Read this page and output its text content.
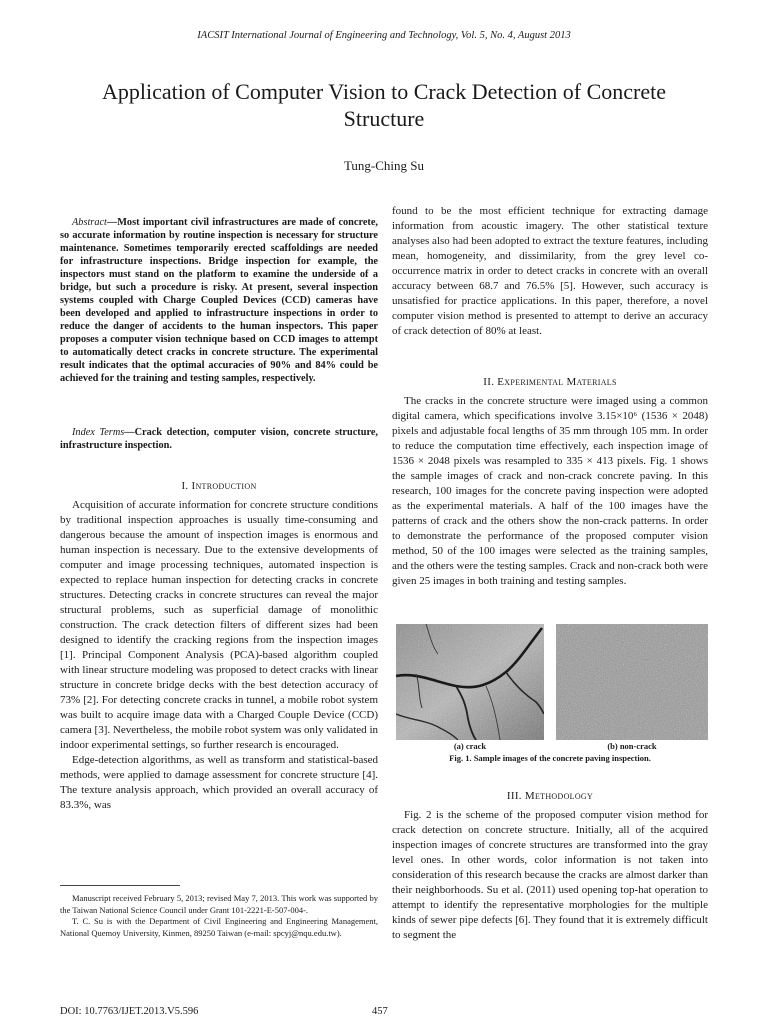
IACSIT International Journal of Engineering and Technology, Vol. 5, No. 4, August 2013
Application of Computer Vision to Crack Detection of Concrete Structure
Tung-Ching Su
Abstract—Most important civil infrastructures are made of concrete, so accurate information by routine inspection is necessary for structure maintenance. Sometimes temporarily erected scaffoldings are needed for infrastructure inspections. Bridge inspection for example, the inspectors must stand on the platform to examine the underside of a bridge, but such a procedure is risky. At present, several inspection systems coupled with Charge Coupled Devices (CCD) cameras have been developed and applied to infrastructure inspections in order to reduce the danger of accidents to the human inspectors. This paper proposes a computer vision technique based on CCD images to attempt to automatically detect cracks in concrete structure. The experimental result indicates that the optimal accuracies of 90% and 84% could be achieved for the training and testing samples, respectively.
Index Terms—Crack detection, computer vision, concrete structure, infrastructure inspection.
I. Introduction

Acquisition of accurate information for concrete structure conditions by traditional inspection approaches is usually time-consuming and dangerous because the amount of inspection images is enormous and human inspection is necessary. Due to the extensive developments of computer and image processing techniques, automated inspection is expected to replace human inspection for detecting cracks in concrete structures. Detecting cracks in concrete structures can reveal the major structural problems, such as superficial damage of monolithic construction. The crack detection filters of different sizes had been designed to identify the cracking regions from the inspection images [1]. Principal Component Analysis (PCA)-based algorithm coupled with linear structure modeling was proposed to detect cracks with linear structure in concrete bridge decks with the best detection accuracy of 73% [2]. For detecting concrete cracks in tunnel, a mobile robot system was built to acquire image data with a Charged Couple Device (CCD) camera [3]. Nevertheless, the mobile robot system was only validated in indoor experimental settings, so further research is encouraged.

Edge-detection algorithms, as well as transform and statistical-based methods, were applied to damage assessment for concrete structure [4]. The texture analysis approach, which provided an overall accuracy of 83.3%, was

Manuscript received February 5, 2013; revised May 7, 2013. This work was supported by the Taiwan National Science Council under Grant 101-2221-E-507-004-.

T. C. Su is with the Department of Civil Engineering and Engineering Management, National Quemoy University, Kinmen, 89250 Taiwan (e-mail: spcyj@nqu.edu.tw).

found to be the most efficient technique for extracting damage information from acoustic imagery. The other statistical texture analyses also had been adopted to extract the texture features, including mean, homogeneity, and dissimilarity, from the grey level co-occurrence matrix in order to detect cracks in concrete with an overall accuracy between 68.7 and 76.5% [5]. However, such accuracy is unsatisfied for practice applications. In this paper, therefore, a novel computer vision method is presented to attempt to derive an accuracy of crack detection of 80% at least.

II. Experimental Materials

The cracks in the concrete structure were imaged using a common digital camera, which specifications involve 3.15×10⁶ (1536 × 2048) pixels and adjustable focal lengths of 35 mm through 105 mm. In order to reduce the computation time effectively, each inspection image of 1536 × 2048 pixels was resampled to 335 × 413 pixels. Fig. 1 shows the sample images of crack and non-crack concrete paving. In this research, 100 images for the concrete paving inspection were adopted as the experimental materials. A half of the 100 images have the patterns of crack and the others show the non-crack patterns. In order to demonstrate the performance of the proposed computer vision method, 50 of the 100 images were selected as the training samples, and the others were the testing samples. Crack and non-crack both were given 25 images in both training and testing samples.

(a) crack	(b) non-crack
Fig. 1. Sample images of the concrete paving inspection.
III. Methodology

Fig. 2 is the scheme of the proposed computer vision method for crack detection on concrete structure. Initially, all of the acquired inspection images of concrete structures are transformed into the gray level ones. In other words, color information is not taken into consideration of this research because the cracks are almost darker than their neighborhoods. Su et al. (2011) used opening top-hat operation to attempt to identify the representative morphologies for the multiple kinds of sewer pipe defects [6]. They found that it is extremely difficult to segment the

DOI: 10.7763/IJET.2013.V5.596	457
